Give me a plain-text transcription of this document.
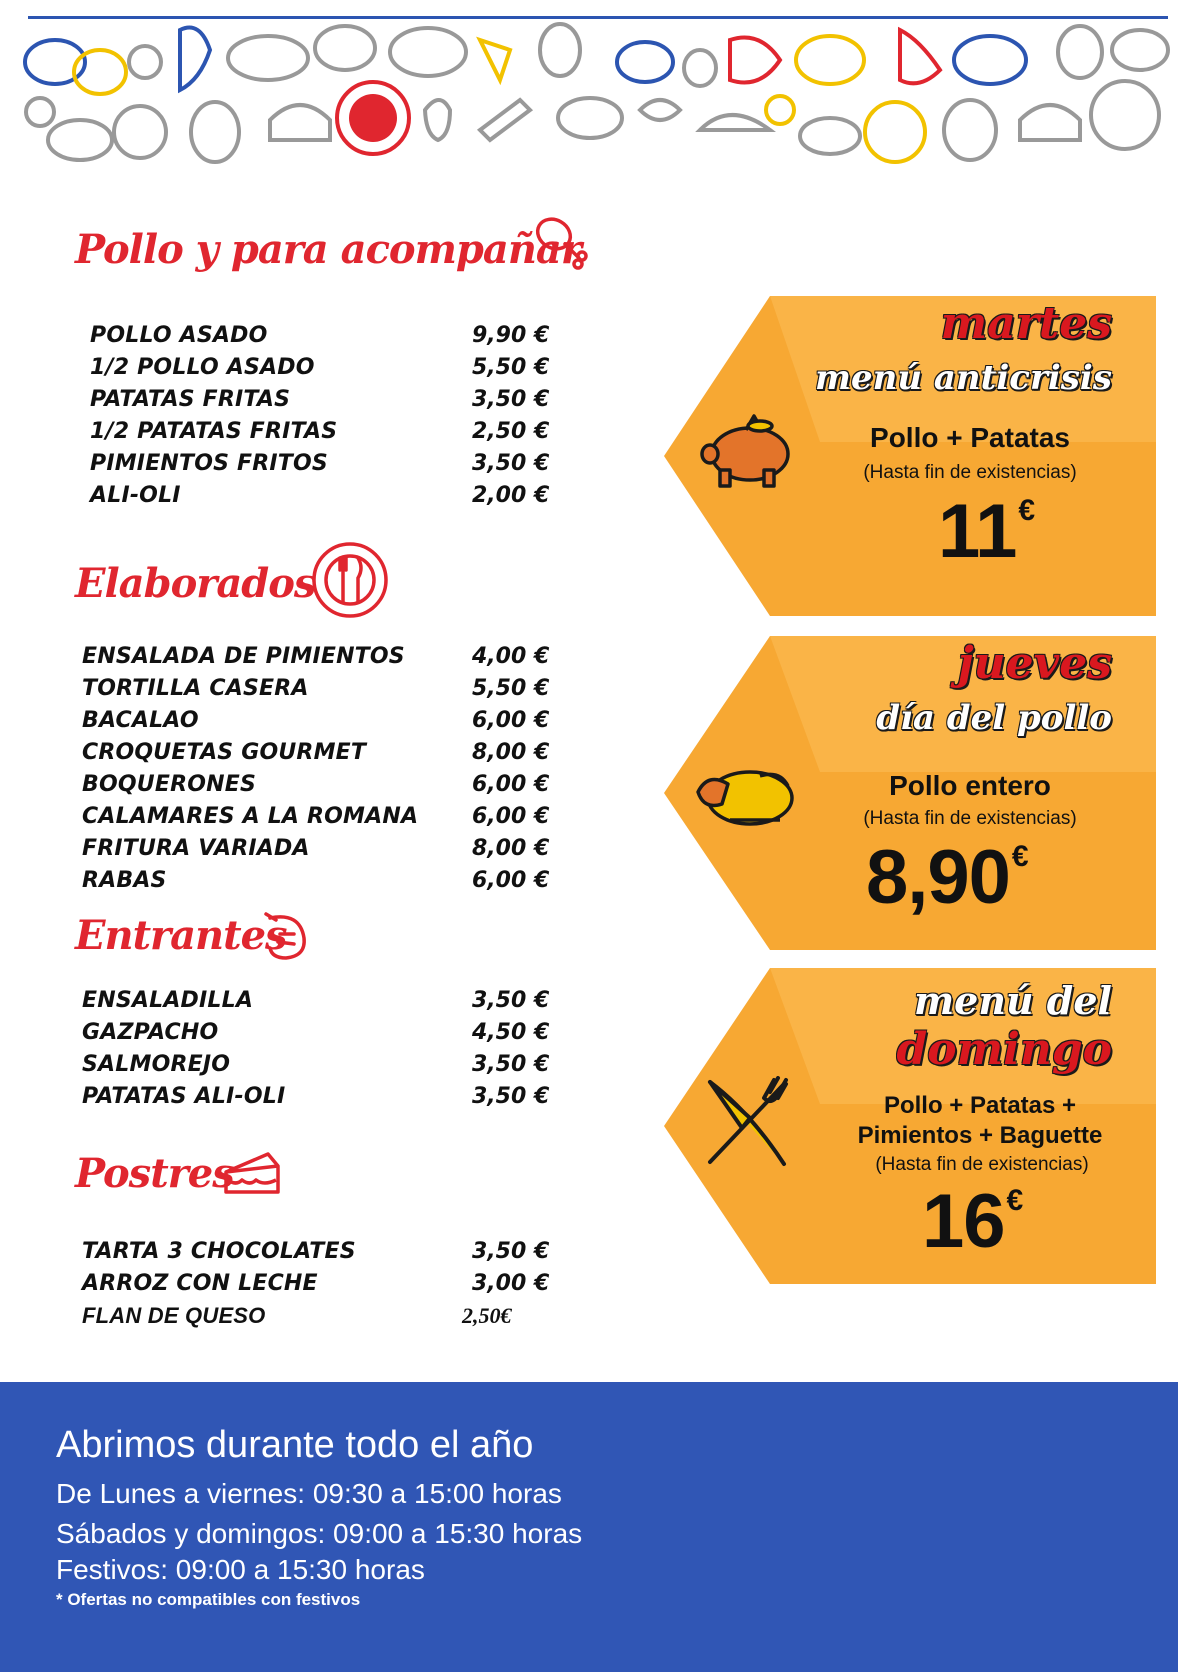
Pollo y para acompañar
POLLO ASADO	9,90 €
1/2 POLLO ASADO	5,50 €
PATATAS FRITAS	3,50 €
1/2 PATATAS FRITAS	2,50 €
PIMIENTOS FRITOS	3,50 €
ALI-OLI	2,00 €
Elaborados
ENSALADA DE PIMIENTOS	4,00 €
TORTILLA CASERA	5,50 €
BACALAO	6,00 €
CROQUETAS GOURMET	8,00 €
BOQUERONES	6,00 €
CALAMARES A LA ROMANA 6,00 €
FRITURA VARIADA	8,00 €
RABAS	6,00 €
Entrantes
ENSALADILLA	3,50 €
GAZPACHO	4,50 €
SALMOREJO	3,50 €
PATATAS ALI-OLI	3,50 €
Postres
TARTA 3 CHOCOLATES	3,50 €
ARROZ CON LECHE	3,00 €
FLAN DE QUESO	2,50€
martes
menú anticrisis
Pollo + Patatas
(Hasta fin de existencias)
11€
jueves
día del pollo
Pollo entero
(Hasta fin de existencias)
8,90€
menú del
domingo
Pollo + Patatas +
Pimientos + Baguette
(Hasta fin de existencias)
16€
Abrimos durante todo el año
De Lunes a viernes: 09:30 a 15:00 horas
Sábados y domingos: 09:00 a 15:30 horas
Festivos: 09:00 a 15:30 horas
* Ofertas no compatibles con festivos
